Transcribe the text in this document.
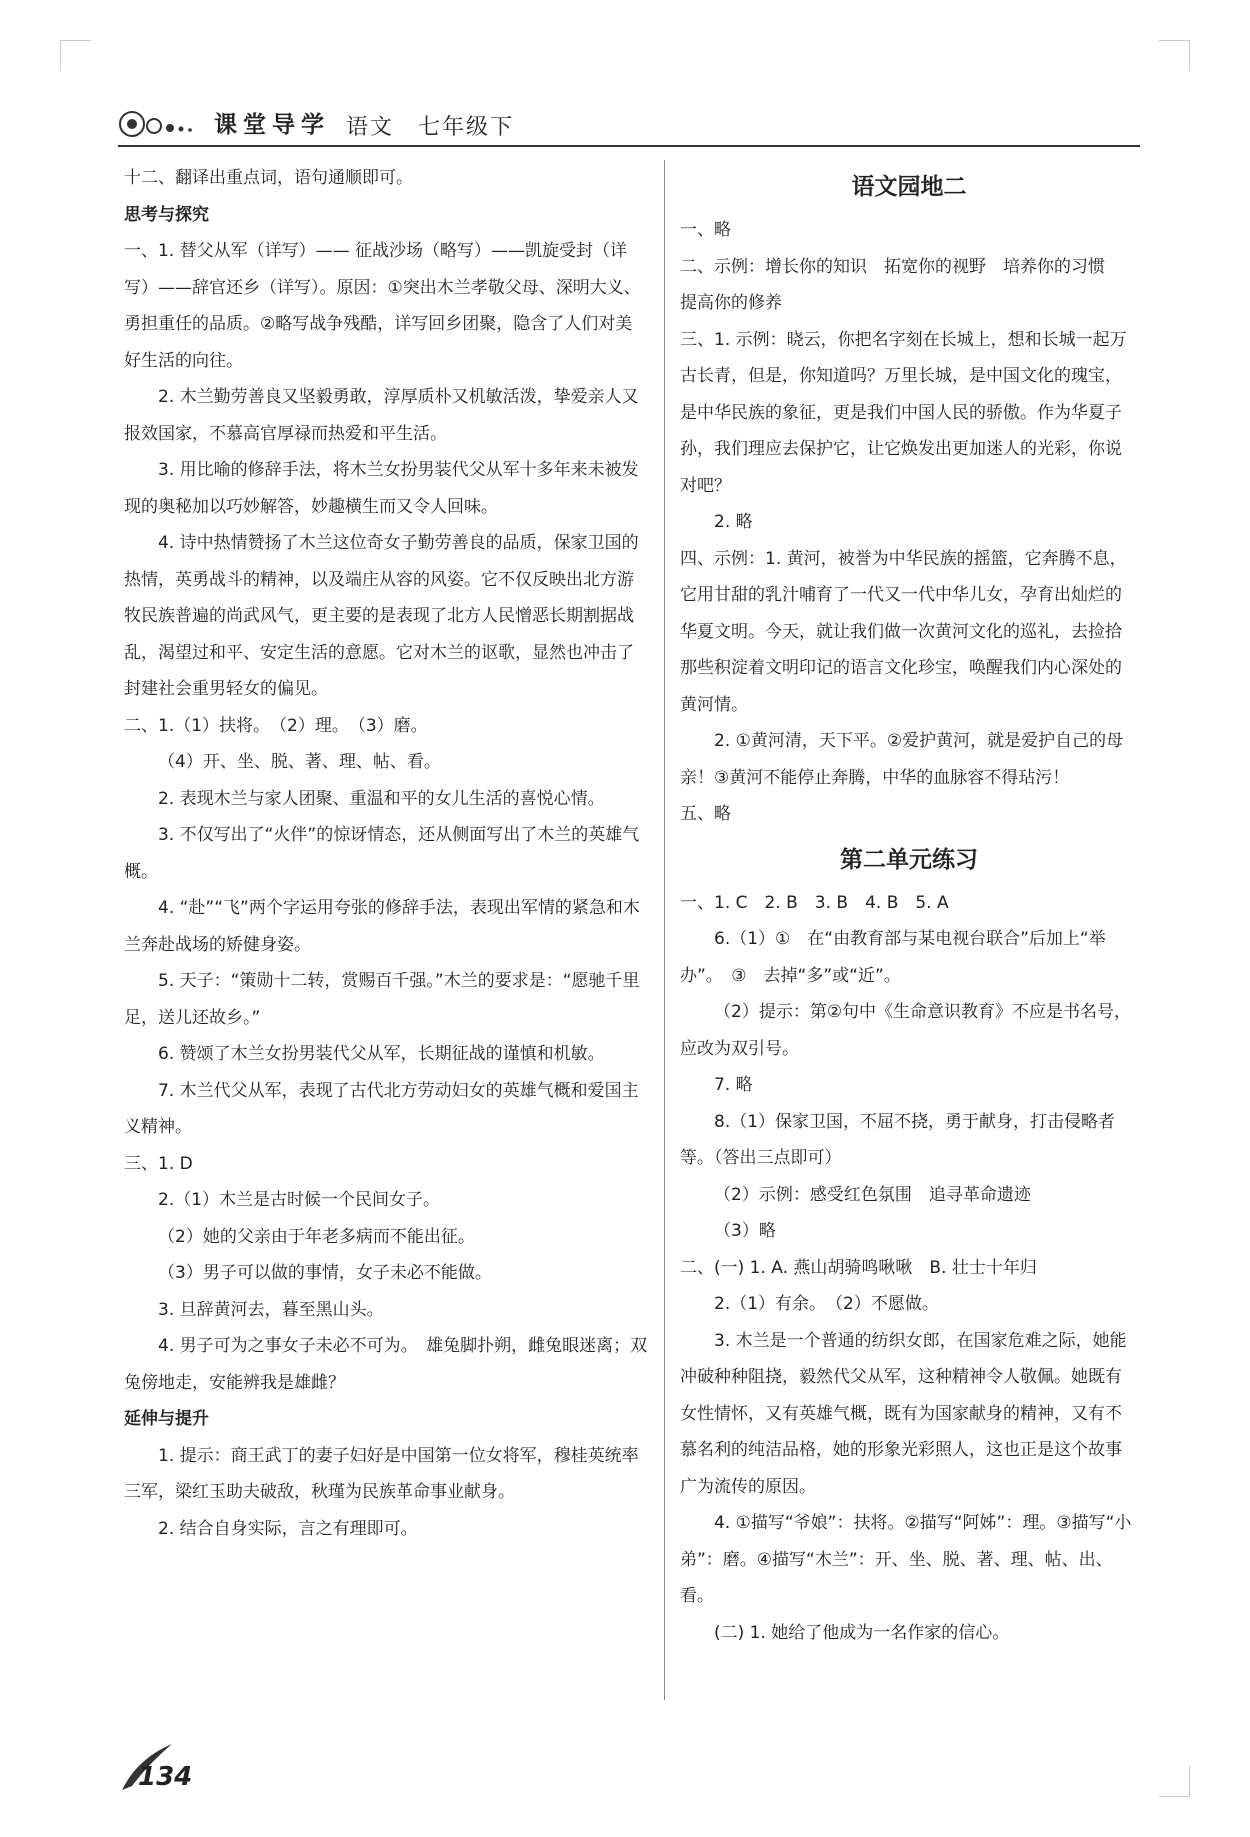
课堂导学 语文 七年级下

十二、翻译出重点词，语句通顺即可。

思考与探究

一、1. 替父从军（详写）—— 征战沙场（略写）——凯旋受封（详写）——辞官还乡（详写）。原因：①突出木兰孝敬父母、深明大义、勇担重任的品质。②略写战争残酷，详写回乡团聚，隐含了人们对美好生活的向往。

2. 木兰勤劳善良又坚毅勇敢，淳厚质朴又机敏活泼，挚爱亲人又报效国家，不慕高官厚禄而热爱和平生活。

3. 用比喻的修辞手法，将木兰女扮男装代父从军十多年来未被发现的奥秘加以巧妙解答，妙趣横生而又令人回味。

4. 诗中热情赞扬了木兰这位奇女子勤劳善良的品质，保家卫国的热情，英勇战斗的精神，以及端庄从容的风姿。它不仅反映出北方游牧民族普遍的尚武风气，更主要的是表现了北方人民憎恶长期割据战乱，渴望过和平、安定生活的意愿。它对木兰的讴歌，显然也冲击了封建社会重男轻女的偏见。

二、1.（1）扶将。　（2）理。　（3）磨。

（4）开、坐、脱、著、理、帖、看。

2. 表现木兰与家人团聚、重温和平的女儿生活的喜悦心情。

3. 不仅写出了“火伴”的惊讶情态，还从侧面写出了木兰的英雄气概。

4. “赴”“飞”两个字运用夸张的修辞手法，表现出军情的紧急和木兰奔赴战场的矫健身姿。

5. 天子：“策勋十二转，赏赐百千强。”木兰的要求是：“愿驰千里足，送儿还故乡。”

6. 赞颂了木兰女扮男装代父从军，长期征战的谨慎和机敏。

7. 木兰代父从军，表现了古代北方劳动妇女的英雄气概和爱国主义精神。

三、1. D

2.（1）木兰是古时候一个民间女子。

（2）她的父亲由于年老多病而不能出征。

（3）男子可以做的事情，女子未必不能做。

3. 旦辞黄河去，暮至黑山头。

4. 男子可为之事女子未必不可为。　雄兔脚扑朔，雌兔眼迷离；双兔傍地走，安能辨我是雄雌？

延伸与提升

1. 提示：商王武丁的妻子妇好是中国第一位女将军，穆桂英统率三军，梁红玉助夫破敌，秋瑾为民族革命事业献身。

2. 结合自身实际，言之有理即可。

语文园地二

一、略

二、示例：增长你的知识　拓宽你的视野　培养你的习惯　提高你的修养

三、1. 示例：晓云，你把名字刻在长城上，想和长城一起万古长青，但是，你知道吗？万里长城，是中国文化的瑰宝，是中华民族的象征，更是我们中国人民的骄傲。作为华夏子孙，我们理应去保护它，让它焕发出更加迷人的光彩，你说对吧？

2. 略

四、示例：1. 黄河，被誉为中华民族的摇篮，它奔腾不息，它用甘甜的乳汁哺育了一代又一代中华儿女，孕育出灿烂的华夏文明。今天，就让我们做一次黄河文化的巡礼，去捡拾那些积淀着文明印记的语言文化珍宝，唤醒我们内心深处的黄河情。

2. ①黄河清，天下平。②爱护黄河，就是爱护自己的母亲！③黄河不能停止奔腾，中华的血脉容不得玷污！

五、略

第二单元练习

一、1. C　2. B　3. B　4. B　5. A

6.（1）①　在“由教育部与某电视台联合”后加上“举办”。　③　去掉“多”或“近”。

（2）提示：第②句中《生命意识教育》不应是书名号，应改为双引号。

7. 略

8.（1）保家卫国，不屈不挠，勇于献身，打击侵略者等。（答出三点即可）

（2）示例：感受红色氛围　追寻革命遗迹

（3）略

二、(一) 1. A. 燕山胡骑鸣啾啾　B. 壮士十年归

2.（1）有余。　（2）不愿做。

3. 木兰是一个普通的纺织女郎，在国家危难之际，她能冲破种种阻挠，毅然代父从军，这种精神令人敬佩。她既有女性情怀，又有英雄气概，既有为国家献身的精神，又有不慕名利的纯洁品格，她的形象光彩照人，这也正是这个故事广为流传的原因。

4. ①描写“爷娘”：扶将。②描写“阿姊”：理。③描写“小弟”：磨。④描写“木兰”：开、坐、脱、著、理、帖、出、看。

(二) 1. 她给了他成为一名作家的信心。

134
